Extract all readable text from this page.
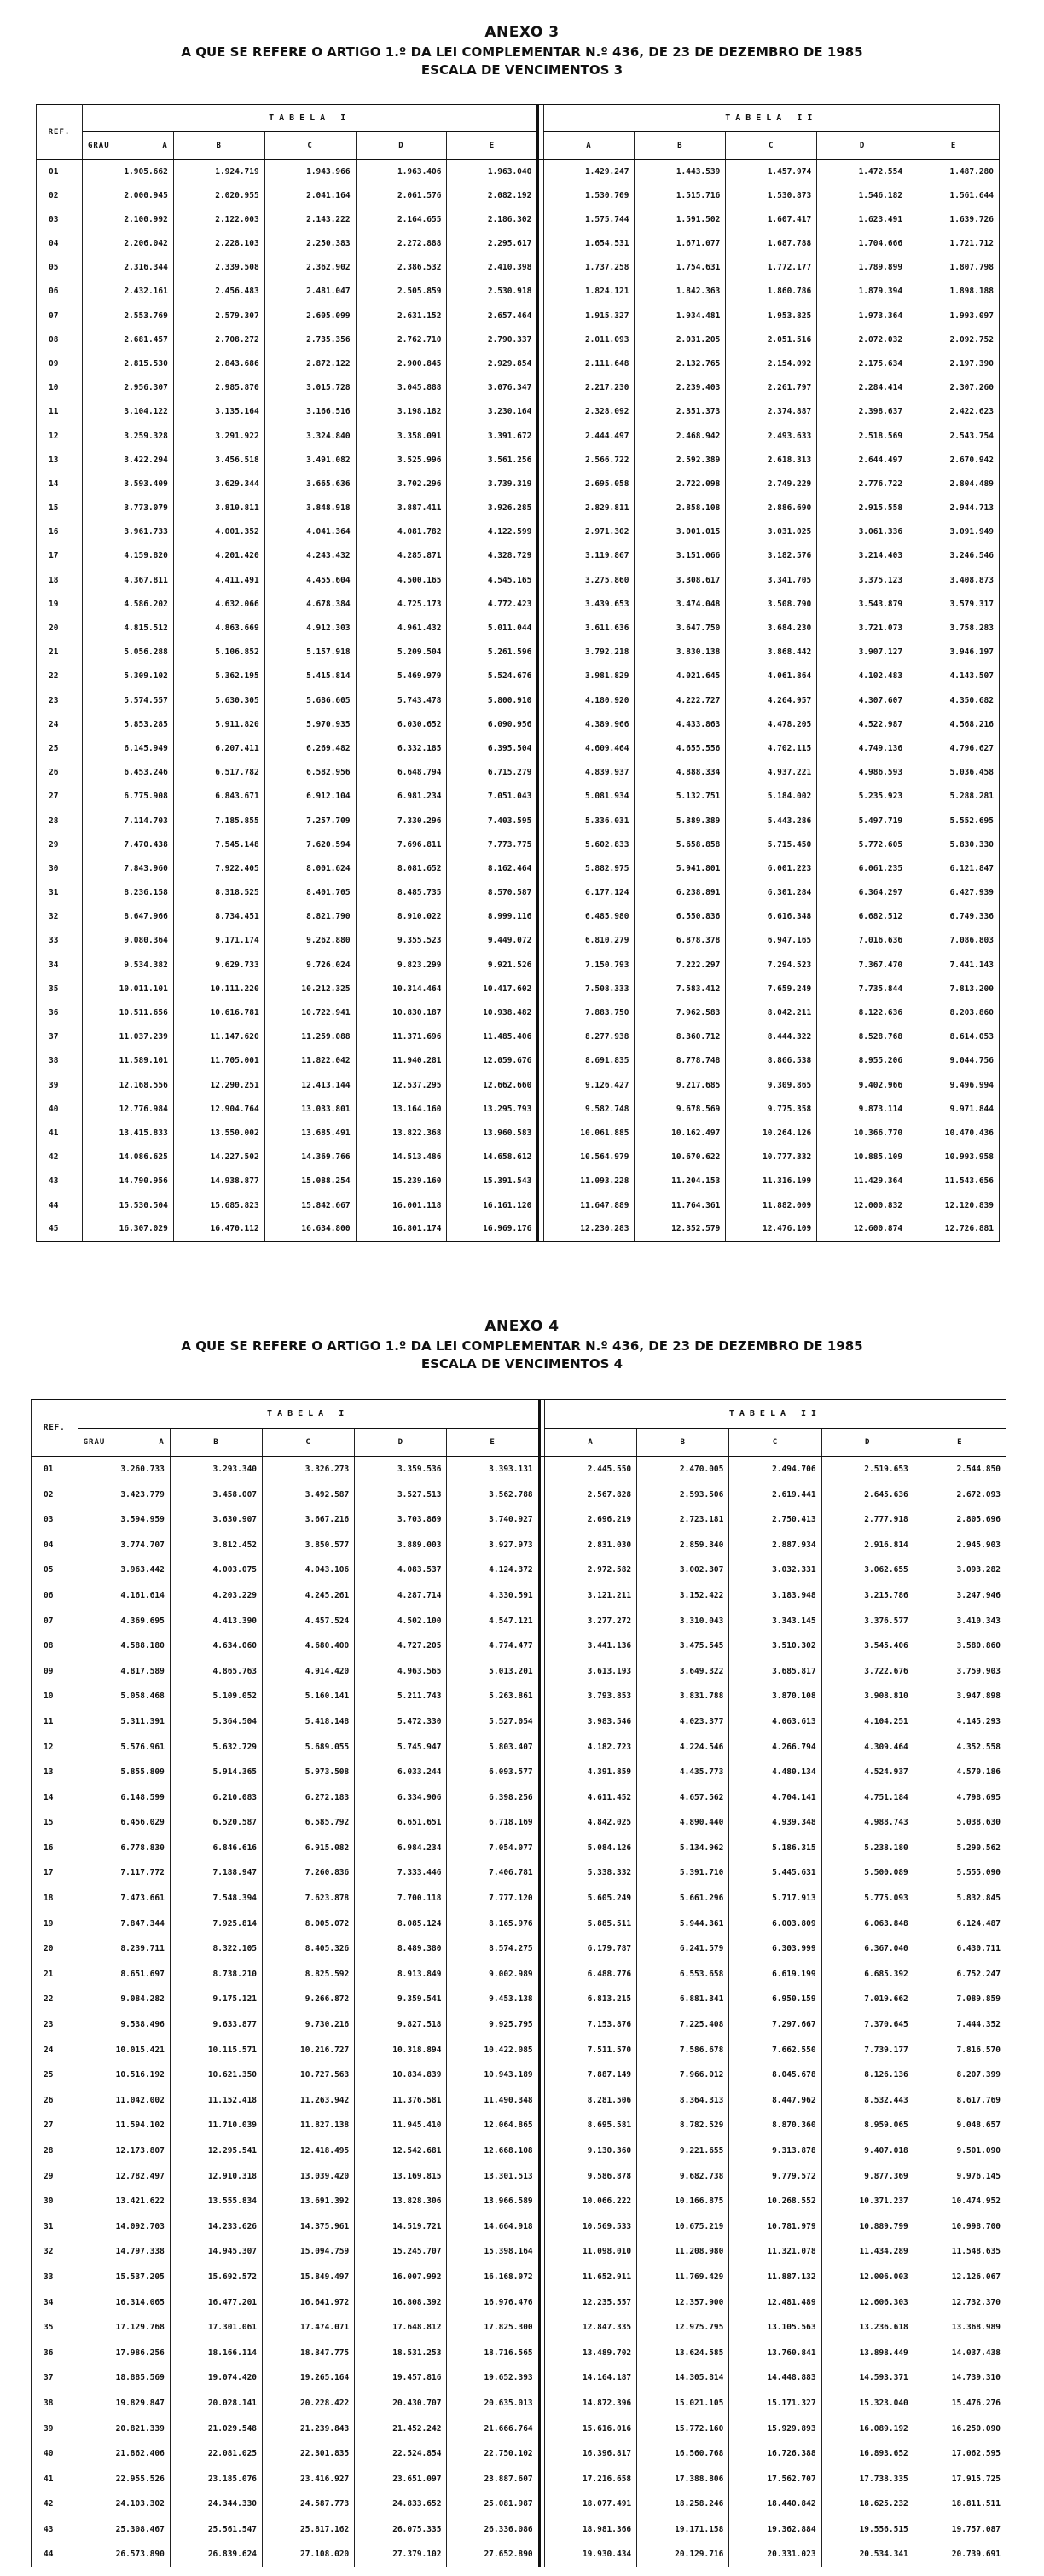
ANEXO 3
A QUE SE REFERE O ARTIGO 1.º DA LEI COMPLEMENTAR N.º 436, DE 23 DE DEZEMBRO DE 1985
ESCALA DE VENCIMENTOS 3
REF.	TABELA I						TABELA II				

	GRAU A	B	C	D	E		A	B	C	D	E
01	1.905.662	1.924.719	1.943.966	1.963.406	1.963.040		1.429.247	1.443.539	1.457.974	1.472.554	1.487.280
02	2.000.945	2.020.955	2.041.164	2.061.576	2.082.192		1.530.709	1.515.716	1.530.873	1.546.182	1.561.644
03	2.100.992	2.122.003	2.143.222	2.164.655	2.186.302		1.575.744	1.591.502	1.607.417	1.623.491	1.639.726
04	2.206.042	2.228.103	2.250.383	2.272.888	2.295.617		1.654.531	1.671.077	1.687.788	1.704.666	1.721.712
05	2.316.344	2.339.508	2.362.902	2.386.532	2.410.398		1.737.258	1.754.631	1.772.177	1.789.899	1.807.798
06	2.432.161	2.456.483	2.481.047	2.505.859	2.530.918		1.824.121	1.842.363	1.860.786	1.879.394	1.898.188
07	2.553.769	2.579.307	2.605.099	2.631.152	2.657.464		1.915.327	1.934.481	1.953.825	1.973.364	1.993.097
08	2.681.457	2.708.272	2.735.356	2.762.710	2.790.337		2.011.093	2.031.205	2.051.516	2.072.032	2.092.752
09	2.815.530	2.843.686	2.872.122	2.900.845	2.929.854		2.111.648	2.132.765	2.154.092	2.175.634	2.197.390
10	2.956.307	2.985.870	3.015.728	3.045.888	3.076.347		2.217.230	2.239.403	2.261.797	2.284.414	2.307.260
11	3.104.122	3.135.164	3.166.516	3.198.182	3.230.164		2.328.092	2.351.373	2.374.887	2.398.637	2.422.623
12	3.259.328	3.291.922	3.324.840	3.358.091	3.391.672		2.444.497	2.468.942	2.493.633	2.518.569	2.543.754
13	3.422.294	3.456.518	3.491.082	3.525.996	3.561.256		2.566.722	2.592.389	2.618.313	2.644.497	2.670.942
14	3.593.409	3.629.344	3.665.636	3.702.296	3.739.319		2.695.058	2.722.098	2.749.229	2.776.722	2.804.489
15	3.773.079	3.810.811	3.848.918	3.887.411	3.926.285		2.829.811	2.858.108	2.886.690	2.915.558	2.944.713
16	3.961.733	4.001.352	4.041.364	4.081.782	4.122.599		2.971.302	3.001.015	3.031.025	3.061.336	3.091.949
17	4.159.820	4.201.420	4.243.432	4.285.871	4.328.729		3.119.867	3.151.066	3.182.576	3.214.403	3.246.546
18	4.367.811	4.411.491	4.455.604	4.500.165	4.545.165		3.275.860	3.308.617	3.341.705	3.375.123	3.408.873
19	4.586.202	4.632.066	4.678.384	4.725.173	4.772.423		3.439.653	3.474.048	3.508.790	3.543.879	3.579.317
20	4.815.512	4.863.669	4.912.303	4.961.432	5.011.044		3.611.636	3.647.750	3.684.230	3.721.073	3.758.283
21	5.056.288	5.106.852	5.157.918	5.209.504	5.261.596		3.792.218	3.830.138	3.868.442	3.907.127	3.946.197
22	5.309.102	5.362.195	5.415.814	5.469.979	5.524.676		3.981.829	4.021.645	4.061.864	4.102.483	4.143.507
23	5.574.557	5.630.305	5.686.605	5.743.478	5.800.910		4.180.920	4.222.727	4.264.957	4.307.607	4.350.682
24	5.853.285	5.911.820	5.970.935	6.030.652	6.090.956		4.389.966	4.433.863	4.478.205	4.522.987	4.568.216
25	6.145.949	6.207.411	6.269.482	6.332.185	6.395.504		4.609.464	4.655.556	4.702.115	4.749.136	4.796.627
26	6.453.246	6.517.782	6.582.956	6.648.794	6.715.279		4.839.937	4.888.334	4.937.221	4.986.593	5.036.458
27	6.775.908	6.843.671	6.912.104	6.981.234	7.051.043		5.081.934	5.132.751	5.184.002	5.235.923	5.288.281
28	7.114.703	7.185.855	7.257.709	7.330.296	7.403.595		5.336.031	5.389.389	5.443.286	5.497.719	5.552.695
29	7.470.438	7.545.148	7.620.594	7.696.811	7.773.775		5.602.833	5.658.858	5.715.450	5.772.605	5.830.330
30	7.843.960	7.922.405	8.001.624	8.081.652	8.162.464		5.882.975	5.941.801	6.001.223	6.061.235	6.121.847
31	8.236.158	8.318.525	8.401.705	8.485.735	8.570.587		6.177.124	6.238.891	6.301.284	6.364.297	6.427.939
32	8.647.966	8.734.451	8.821.790	8.910.022	8.999.116		6.485.980	6.550.836	6.616.348	6.682.512	6.749.336
33	9.080.364	9.171.174	9.262.880	9.355.523	9.449.072		6.810.279	6.878.378	6.947.165	7.016.636	7.086.803
34	9.534.382	9.629.733	9.726.024	9.823.299	9.921.526		7.150.793	7.222.297	7.294.523	7.367.470	7.441.143
35	10.011.101	10.111.220	10.212.325	10.314.464	10.417.602		7.508.333	7.583.412	7.659.249	7.735.844	7.813.200
36	10.511.656	10.616.781	10.722.941	10.830.187	10.938.482		7.883.750	7.962.583	8.042.211	8.122.636	8.203.860
37	11.037.239	11.147.620	11.259.088	11.371.696	11.485.406		8.277.938	8.360.712	8.444.322	8.528.768	8.614.053
38	11.589.101	11.705.001	11.822.042	11.940.281	12.059.676		8.691.835	8.778.748	8.866.538	8.955.206	9.044.756
39	12.168.556	12.290.251	12.413.144	12.537.295	12.662.660		9.126.427	9.217.685	9.309.865	9.402.966	9.496.994
40	12.776.984	12.904.764	13.033.801	13.164.160	13.295.793		9.582.748	9.678.569	9.775.358	9.873.114	9.971.844
41	13.415.833	13.550.002	13.685.491	13.822.368	13.960.583		10.061.885	10.162.497	10.264.126	10.366.770	10.470.436
42	14.086.625	14.227.502	14.369.766	14.513.486	14.658.612		10.564.979	10.670.622	10.777.332	10.885.109	10.993.958
43	14.790.956	14.938.877	15.088.254	15.239.160	15.391.543		11.093.228	11.204.153	11.316.199	11.429.364	11.543.656
44	15.530.504	15.685.823	15.842.667	16.001.118	16.161.120		11.647.889	11.764.361	11.882.009	12.000.832	12.120.839
45	16.307.029	16.470.112	16.634.800	16.801.174	16.969.176		12.230.283	12.352.579	12.476.109	12.600.874	12.726.881
ANEXO 4
A QUE SE REFERE O ARTIGO 1.º DA LEI COMPLEMENTAR N.º 436, DE 23 DE DEZEMBRO DE 1985
ESCALA DE VENCIMENTOS 4
REF.	TABELA I						TABELA II				

	GRAU A	B	C	D	E		A	B	C	D	E
01	3.260.733	3.293.340	3.326.273	3.359.536	3.393.131		2.445.550	2.470.005	2.494.706	2.519.653	2.544.850
02	3.423.779	3.458.007	3.492.587	3.527.513	3.562.788		2.567.828	2.593.506	2.619.441	2.645.636	2.672.093
03	3.594.959	3.630.907	3.667.216	3.703.869	3.740.927		2.696.219	2.723.181	2.750.413	2.777.918	2.805.696
04	3.774.707	3.812.452	3.850.577	3.889.003	3.927.973		2.831.030	2.859.340	2.887.934	2.916.814	2.945.903
05	3.963.442	4.003.075	4.043.106	4.083.537	4.124.372		2.972.582	3.002.307	3.032.331	3.062.655	3.093.282
06	4.161.614	4.203.229	4.245.261	4.287.714	4.330.591		3.121.211	3.152.422	3.183.948	3.215.786	3.247.946
07	4.369.695	4.413.390	4.457.524	4.502.100	4.547.121		3.277.272	3.310.043	3.343.145	3.376.577	3.410.343
08	4.588.180	4.634.060	4.680.400	4.727.205	4.774.477		3.441.136	3.475.545	3.510.302	3.545.406	3.580.860
09	4.817.589	4.865.763	4.914.420	4.963.565	5.013.201		3.613.193	3.649.322	3.685.817	3.722.676	3.759.903
10	5.058.468	5.109.052	5.160.141	5.211.743	5.263.861		3.793.853	3.831.788	3.870.108	3.908.810	3.947.898
11	5.311.391	5.364.504	5.418.148	5.472.330	5.527.054		3.983.546	4.023.377	4.063.613	4.104.251	4.145.293
12	5.576.961	5.632.729	5.689.055	5.745.947	5.803.407		4.182.723	4.224.546	4.266.794	4.309.464	4.352.558
13	5.855.809	5.914.365	5.973.508	6.033.244	6.093.577		4.391.859	4.435.773	4.480.134	4.524.937	4.570.186
14	6.148.599	6.210.083	6.272.183	6.334.906	6.398.256		4.611.452	4.657.562	4.704.141	4.751.184	4.798.695
15	6.456.029	6.520.587	6.585.792	6.651.651	6.718.169		4.842.025	4.890.440	4.939.348	4.988.743	5.038.630
16	6.778.830	6.846.616	6.915.082	6.984.234	7.054.077		5.084.126	5.134.962	5.186.315	5.238.180	5.290.562
17	7.117.772	7.188.947	7.260.836	7.333.446	7.406.781		5.338.332	5.391.710	5.445.631	5.500.089	5.555.090
18	7.473.661	7.548.394	7.623.878	7.700.118	7.777.120		5.605.249	5.661.296	5.717.913	5.775.093	5.832.845
19	7.847.344	7.925.814	8.005.072	8.085.124	8.165.976		5.885.511	5.944.361	6.003.809	6.063.848	6.124.487
20	8.239.711	8.322.105	8.405.326	8.489.380	8.574.275		6.179.787	6.241.579	6.303.999	6.367.040	6.430.711
21	8.651.697	8.738.210	8.825.592	8.913.849	9.002.989		6.488.776	6.553.658	6.619.199	6.685.392	6.752.247
22	9.084.282	9.175.121	9.266.872	9.359.541	9.453.138		6.813.215	6.881.341	6.950.159	7.019.662	7.089.859
23	9.538.496	9.633.877	9.730.216	9.827.518	9.925.795		7.153.876	7.225.408	7.297.667	7.370.645	7.444.352
24	10.015.421	10.115.571	10.216.727	10.318.894	10.422.085		7.511.570	7.586.678	7.662.550	7.739.177	7.816.570
25	10.516.192	10.621.350	10.727.563	10.834.839	10.943.189		7.887.149	7.966.012	8.045.678	8.126.136	8.207.399
26	11.042.002	11.152.418	11.263.942	11.376.581	11.490.348		8.281.506	8.364.313	8.447.962	8.532.443	8.617.769
27	11.594.102	11.710.039	11.827.138	11.945.410	12.064.865		8.695.581	8.782.529	8.870.360	8.959.065	9.048.657
28	12.173.807	12.295.541	12.418.495	12.542.681	12.668.108		9.130.360	9.221.655	9.313.878	9.407.018	9.501.090
29	12.782.497	12.910.318	13.039.420	13.169.815	13.301.513		9.586.878	9.682.738	9.779.572	9.877.369	9.976.145
30	13.421.622	13.555.834	13.691.392	13.828.306	13.966.589		10.066.222	10.166.875	10.268.552	10.371.237	10.474.952
31	14.092.703	14.233.626	14.375.961	14.519.721	14.664.918		10.569.533	10.675.219	10.781.979	10.889.799	10.998.700
32	14.797.338	14.945.307	15.094.759	15.245.707	15.398.164		11.098.010	11.208.980	11.321.078	11.434.289	11.548.635
33	15.537.205	15.692.572	15.849.497	16.007.992	16.168.072		11.652.911	11.769.429	11.887.132	12.006.003	12.126.067
34	16.314.065	16.477.201	16.641.972	16.808.392	16.976.476		12.235.557	12.357.900	12.481.489	12.606.303	12.732.370
35	17.129.768	17.301.061	17.474.071	17.648.812	17.825.300		12.847.335	12.975.795	13.105.563	13.236.618	13.368.989
36	17.986.256	18.166.114	18.347.775	18.531.253	18.716.565		13.489.702	13.624.585	13.760.841	13.898.449	14.037.438
37	18.885.569	19.074.420	19.265.164	19.457.816	19.652.393		14.164.187	14.305.814	14.448.883	14.593.371	14.739.310
38	19.829.847	20.028.141	20.228.422	20.430.707	20.635.013		14.872.396	15.021.105	15.171.327	15.323.040	15.476.276
39	20.821.339	21.029.548	21.239.843	21.452.242	21.666.764		15.616.016	15.772.160	15.929.893	16.089.192	16.250.090
40	21.862.406	22.081.025	22.301.835	22.524.854	22.750.102		16.396.817	16.560.768	16.726.388	16.893.652	17.062.595
41	22.955.526	23.185.076	23.416.927	23.651.097	23.887.607		17.216.658	17.388.806	17.562.707	17.738.335	17.915.725
42	24.103.302	24.344.330	24.587.773	24.833.652	25.081.987		18.077.491	18.258.246	18.440.842	18.625.232	18.811.511
43	25.308.467	25.561.547	25.817.162	26.075.335	26.336.086		18.981.366	19.171.158	19.362.884	19.556.515	19.757.087
44	26.573.890	26.839.624	27.108.020	27.379.102	27.652.890		19.930.434	20.129.716	20.331.023	20.534.341	20.739.691
